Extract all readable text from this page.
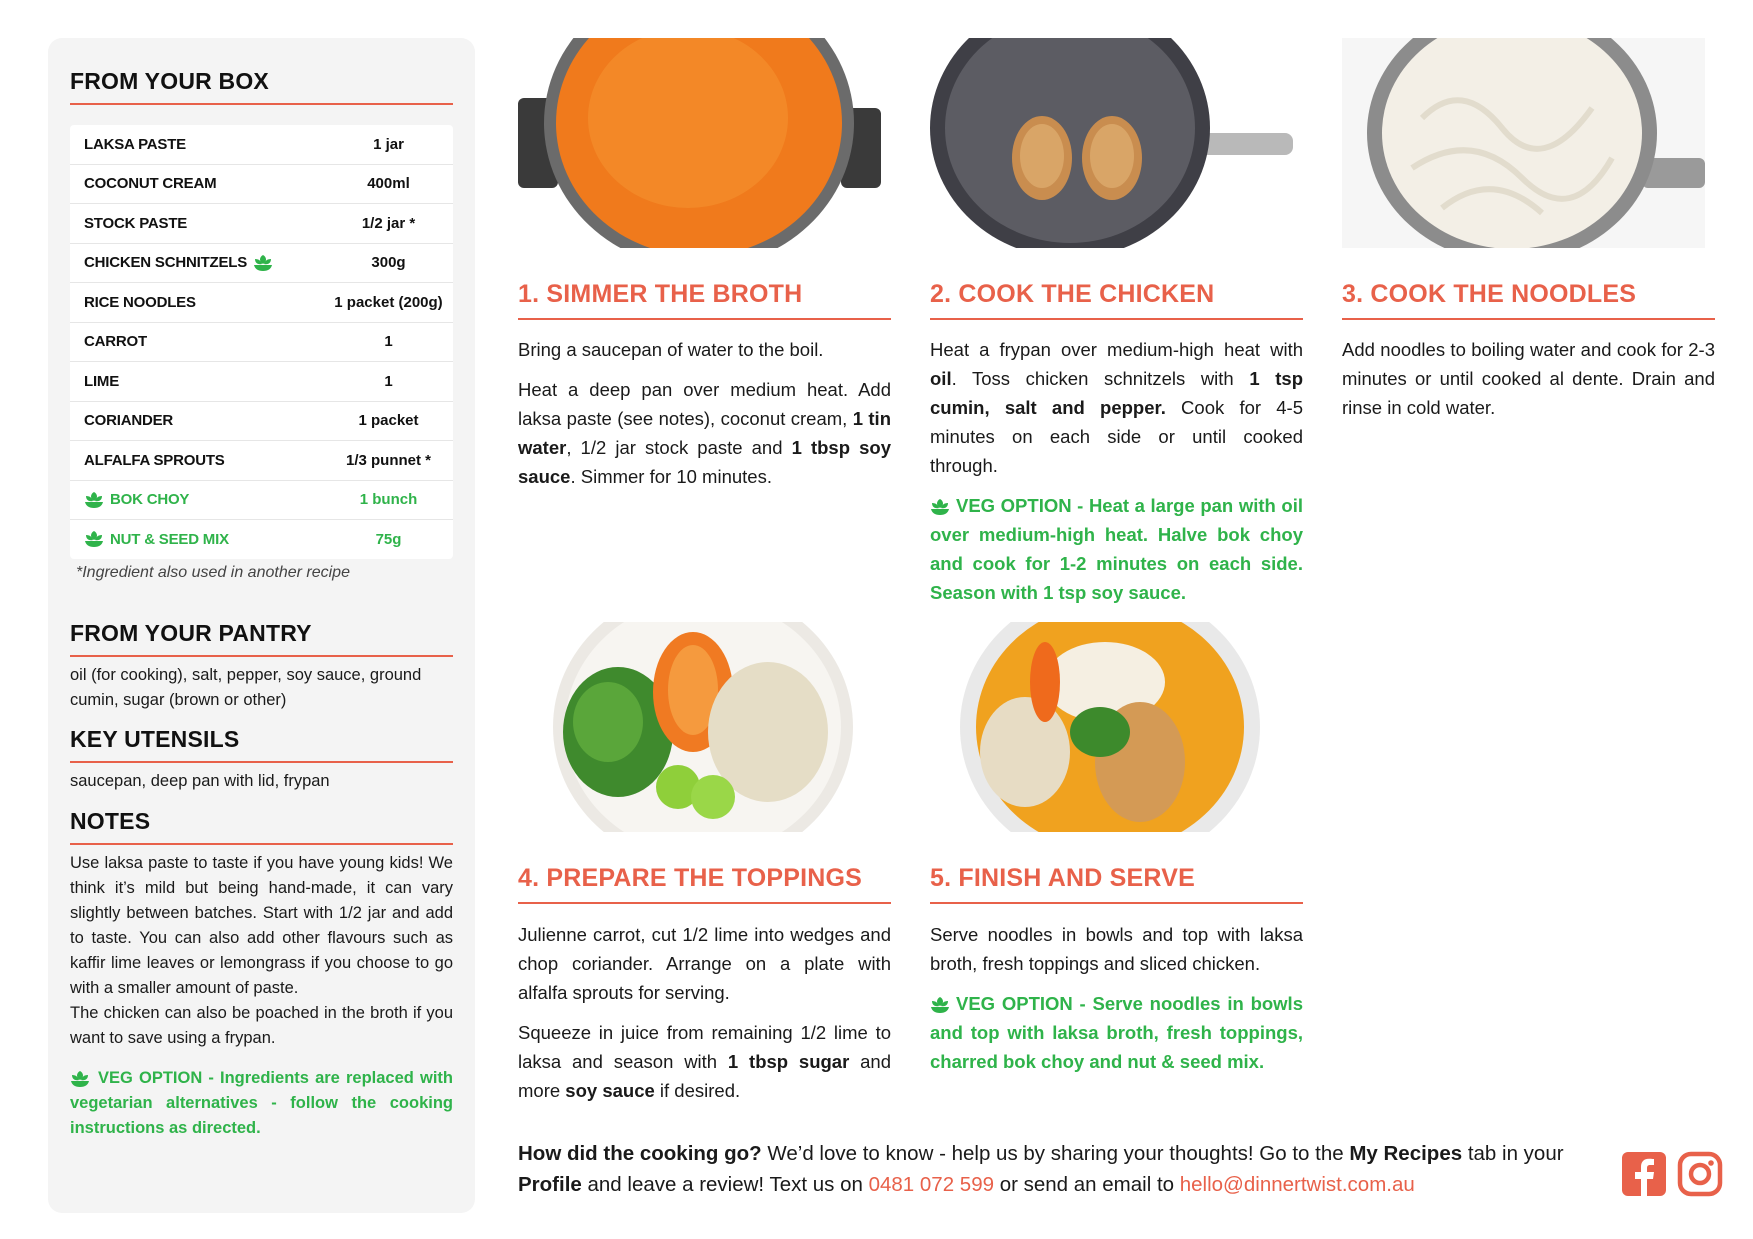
FROM YOUR BOX
LAKSA PASTE	1 jar
COCONUT CREAM	400ml
STOCK PASTE	1/2 jar *
CHICKEN SCHNITZELS	300g
RICE NOODLES	1 packet (200g)
CARROT	1
LIME	1
CORIANDER	1 packet
ALFALFA SPROUTS	1/3 punnet *
BOK CHOY	1 bunch
NUT & SEED MIX	75g
*Ingredient also used in another recipe
FROM YOUR PANTRY
oil (for cooking), salt, pepper, soy sauce, ground cumin, sugar (brown or other)
KEY UTENSILS
saucepan, deep pan with lid, frypan
NOTES
Use laksa paste to taste if you have young kids! We think it’s mild but being hand-made, it can vary slightly between batches. Start with 1/2 jar and add to taste. You can also add other flavours such as kaffir lime leaves or lemongrass if you choose to go with a smaller amount of paste.
The chicken can also be poached in the broth if you want to save using a frypan.
VEG OPTION - Ingredients are replaced with vegetarian alternatives - follow the cooking instructions as directed.
1. SIMMER THE BROTH	2. COOK THE CHICKEN	3. COOK THE NOODLES

Bring a saucepan of water to the boil.

Heat a deep pan over medium heat. Add laksa paste (see notes), coconut cream, 1 tin water, 1/2 jar stock paste and 1 tbsp soy sauce. Simmer for 10 minutes.

Heat a frypan over medium-high heat with oil. Toss chicken schnitzels with 1 tsp cumin, salt and pepper. Cook for 4-5 minutes on each side or until cooked through.

VEG OPTION - Heat a large pan with oil over medium-high heat. Halve bok choy and cook for 1-2 minutes on each side. Season with 1 tsp soy sauce.

Add noodles to boiling water and cook for 2-3 minutes or until cooked al dente. Drain and rinse in cold water.

4. PREPARE THE TOPPINGS	5. FINISH AND SERVE

Julienne carrot, cut 1/2 lime into wedges and chop coriander. Arrange on a plate with alfalfa sprouts for serving.

Squeeze in juice from remaining 1/2 lime to laksa and season with 1 tbsp sugar and more soy sauce if desired.

Serve noodles in bowls and top with laksa broth, fresh toppings and sliced chicken.

VEG OPTION - Serve noodles in bowls and top with laksa broth, fresh toppings, charred bok choy and nut & seed mix.

How did the cooking go? We’d love to know - help us by sharing your thoughts! Go to the My Recipes tab in your Profile and leave a review! Text us on 0481 072 599 or send an email to hello@dinnertwist.com.au
